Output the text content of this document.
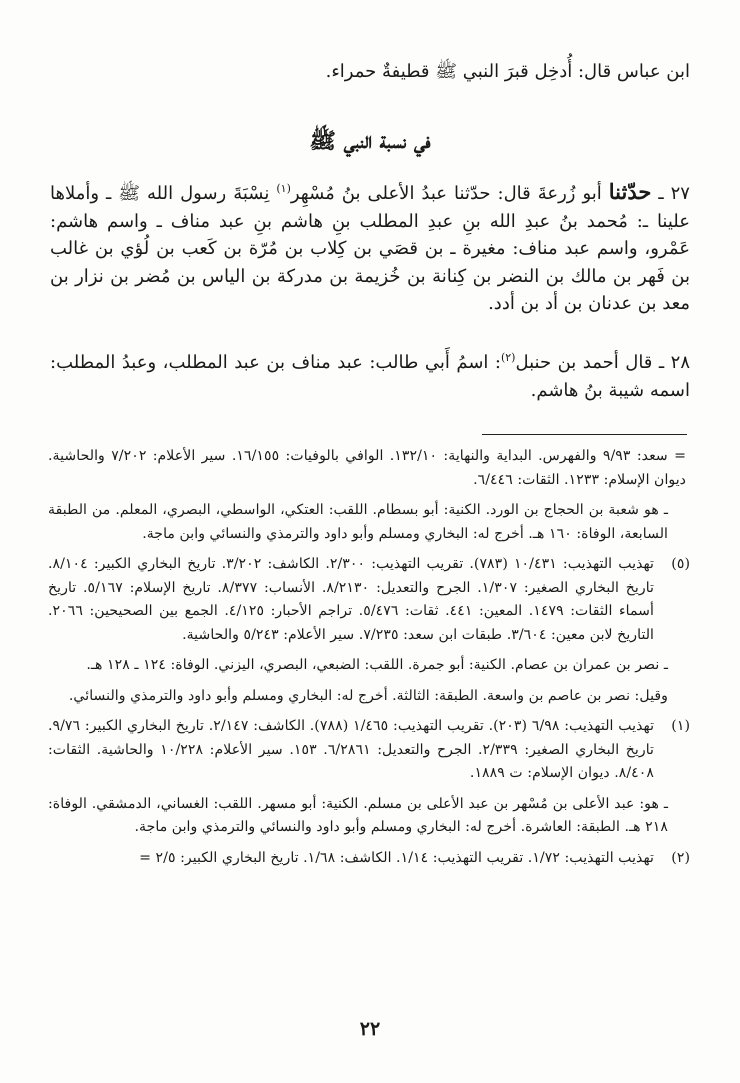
ابن عباس قال: أُدخِل قبرَ النبي ﷺ قطيفةٌ حمراء.

في نسبة النبي ﷺ

٢٧ ـ حدّثنا أبو زُرعةَ قال: حدّثنا عبدُ الأعلى بنُ مُسْهِر$^{(١)}$ نِسْبَةَ رسول الله ﷺ ـ وأملاها علينا ـ: مُحمد بنُ عبدِ الله بنِ عبدِ المطلب بنِ هاشم بنِ عبد مناف ـ واسم هاشم: عَمْرو، واسم عبد مناف: مغيرة ـ بن قصَي بن كِلاب بن مُرّة بن كَعب بن لُؤي بن غالب بن فَهر بن مالك بن النضر بن كِنانة بن خُزيمة بن مدركة بن الياس بن مُضر بن نزار بن معد بن عدنان بن أد بن أدد.

٢٨ ـ قال أحمد بن حنبل$^{(٢)}$: اسمُ أَبي طالب: عبد مناف بن عبد المطلب، وعبدُ المطلب: اسمه شيبة بنُ هاشم.

= سعد: ٩/٩٣ والفهرس. البداية والنهاية: ١٣٢/١٠. الوافي بالوفيات: ١٦/١٥٥. سير الأعلام: ٧/٢٠٢ والحاشية. ديوان الإسلام: ١٢٣٣. الثقات: ٦/٤٤٦.

ـ هو شعبة بن الحجاج بن الورد. الكنية: أبو بسطام. اللقب: العتكي، الواسطي، البصري، المعلم. من الطبقة السابعة، الوفاة: ١٦٠ هـ. أخرج له: البخاري ومسلم وأبو داود والترمذي والنسائي وابن ماجة.

(٥)
تهذيب التهذيب: ١٠/٤٣١ (٧٨٣). تقريب التهذيب: ٢/٣٠٠. الكاشف: ٣/٢٠٢. تاريخ البخاري الكبير: ٨/١٠٤. تاريخ البخاري الصغير: ١/٣٠٧. الجرح والتعديل: ٨/٢١٣٠. الأنساب: ٨/٣٧٧. تاريخ الإسلام: ٥/١٦٧. تاريخ أسماء الثقات: ١٤٧٩. المعين: ٤٤١. ثقات: ٥/٤٧٦. تراجم الأحبار: ٤/١٢٥. الجمع بين الصحيحين: ٢٠٦٦. التاريخ لابن معين: ٣/٦٠٤. طبقات ابن سعد: ٧/٢٣٥. سير الأعلام: ٥/٢٤٣ والحاشية.

ـ نصر بن عمران بن عصام. الكنية: أبو جمرة. اللقب: الضبعي، البصري، اليزني. الوفاة: ١٢٤ ـ ١٢٨ هـ.

وقيل: نصر بن عاصم بن واسعة. الطبقة: الثالثة. أخرج له: البخاري ومسلم وأبو داود والترمذي والنسائي.

(١)
تهذيب التهذيب: ٦/٩٨ (٢٠٣). تقريب التهذيب: ١/٤٦٥ (٧٨٨). الكاشف: ٢/١٤٧. تاريخ البخاري الكبير: ٩/٧٦. تاريخ البخاري الصغير: ٢/٣٣٩. الجرح والتعديل: ٦/٢٨٦١. ١٥٣. سير الأعلام: ١٠/٢٢٨ والحاشية. الثقات: ٨/٤٠٨. ديوان الإسلام: ت ١٨٨٩.

ـ هو: عبد الأعلى بن مُسْهر بن عبد الأعلى بن مسلم. الكنية: أبو مسهر. اللقب: الغساني، الدمشقي. الوفاة: ٢١٨ هـ. الطبقة: العاشرة. أخرج له: البخاري ومسلم وأبو داود والنسائي والترمذي وابن ماجة.

(٢)
تهذيب التهذيب: ١/٧٢. تقريب التهذيب: ١/١٤. الكاشف: ١/٦٨. تاريخ البخاري الكبير: ٢/٥ =

٢٢
